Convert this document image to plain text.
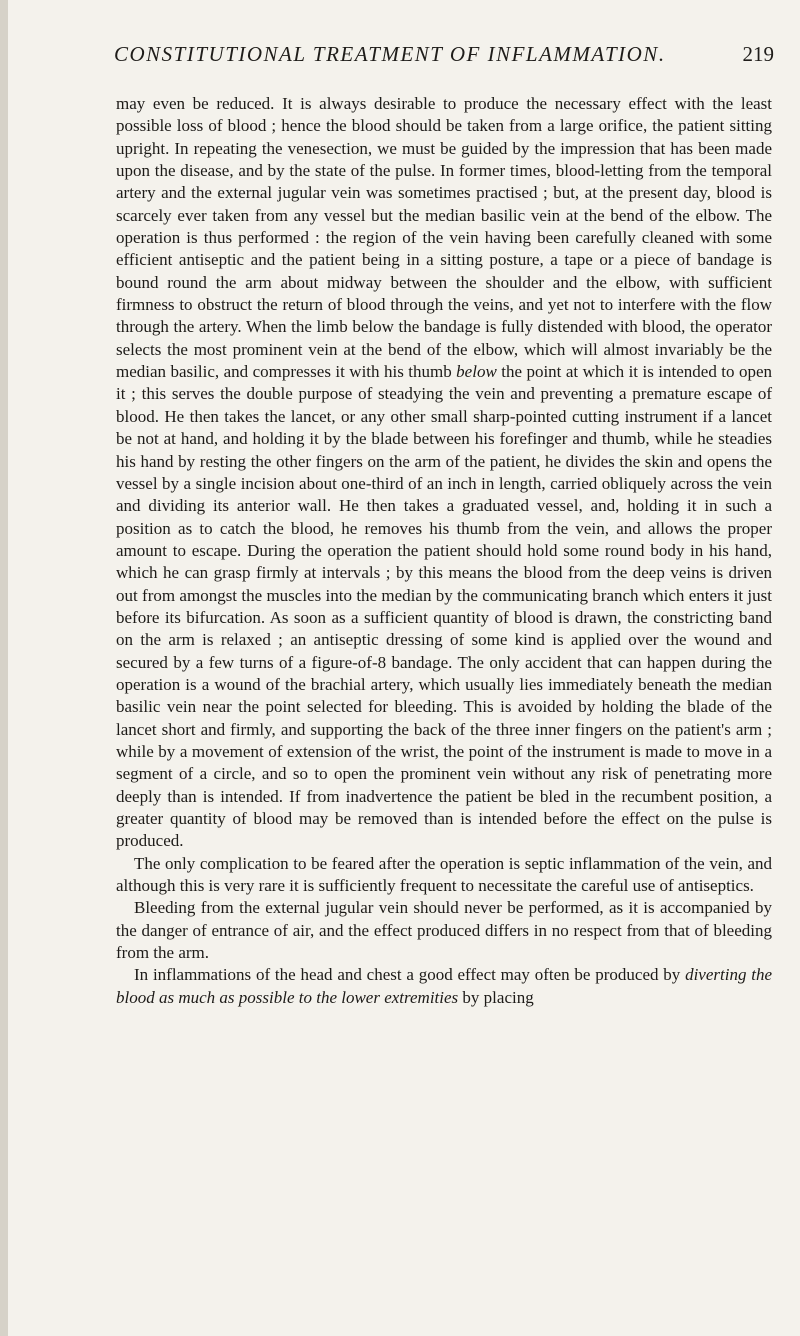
CONSTITUTIONAL TREATMENT OF INFLAMMATION.	219

may even be reduced. It is always desirable to produce the necessary effect with the least possible loss of blood ; hence the blood should be taken from a large orifice, the patient sitting upright. In repeating the venesection, we must be guided by the impression that has been made upon the disease, and by the state of the pulse. In former times, blood-letting from the temporal artery and the external jugular vein was sometimes practised ; but, at the present day, blood is scarcely ever taken from any vessel but the median basilic vein at the bend of the elbow. The operation is thus performed : the region of the vein having been carefully cleaned with some efficient antiseptic and the patient being in a sitting posture, a tape or a piece of bandage is bound round the arm about midway between the shoulder and the elbow, with sufficient firmness to obstruct the return of blood through the veins, and yet not to interfere with the flow through the artery. When the limb below the bandage is fully distended with blood, the operator selects the most prominent vein at the bend of the elbow, which will almost invariably be the median basilic, and compresses it with his thumb below the point at which it is intended to open it ; this serves the double purpose of steadying the vein and preventing a premature escape of blood. He then takes the lancet, or any other small sharp-pointed cutting instrument if a lancet be not at hand, and holding it by the blade between his forefinger and thumb, while he steadies his hand by resting the other fingers on the arm of the patient, he divides the skin and opens the vessel by a single incision about one-third of an inch in length, carried obliquely across the vein and dividing its anterior wall. He then takes a graduated vessel, and, holding it in such a position as to catch the blood, he removes his thumb from the vein, and allows the proper amount to escape. During the operation the patient should hold some round body in his hand, which he can grasp firmly at intervals ; by this means the blood from the deep veins is driven out from amongst the muscles into the median by the communicating branch which enters it just before its bifurcation. As soon as a sufficient quantity of blood is drawn, the constricting band on the arm is relaxed ; an antiseptic dressing of some kind is applied over the wound and secured by a few turns of a figure-of-8 bandage. The only accident that can happen during the operation is a wound of the brachial artery, which usually lies immediately beneath the median basilic vein near the point selected for bleeding. This is avoided by holding the blade of the lancet short and firmly, and supporting the back of the three inner fingers on the patient's arm ; while by a movement of extension of the wrist, the point of the instrument is made to move in a segment of a circle, and so to open the prominent vein without any risk of penetrating more deeply than is intended. If from inadvertence the patient be bled in the recumbent position, a greater quantity of blood may be removed than is intended before the effect on the pulse is produced.

The only complication to be feared after the operation is septic inflammation of the vein, and although this is very rare it is sufficiently frequent to necessitate the careful use of antiseptics.

Bleeding from the external jugular vein should never be performed, as it is accompanied by the danger of entrance of air, and the effect produced differs in no respect from that of bleeding from the arm.

In inflammations of the head and chest a good effect may often be produced by diverting the blood as much as possible to the lower extremities by placing
